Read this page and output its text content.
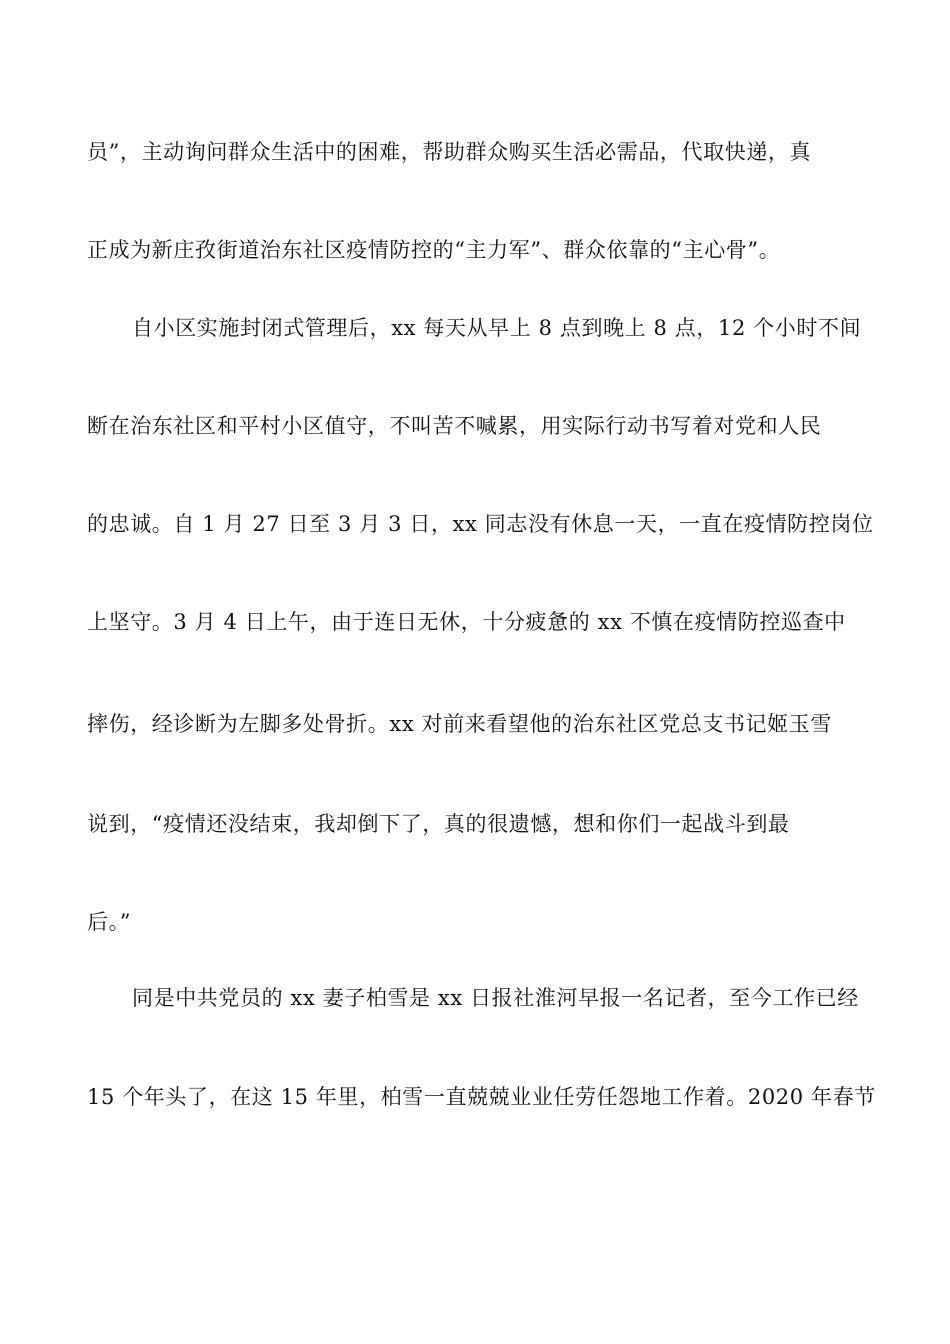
员”，主动询问群众生活中的困难，帮助群众购买生活必需品，代取快递，真
正成为新庄孜街道治东社区疫情防控的“主力军”、群众依靠的“主心骨”。
自小区实施封闭式管理后，xx 每天从早上 8 点到晚上 8 点，12 个小时不间
断在治东社区和平村小区值守，不叫苦不喊累，用实际行动书写着对党和人民
的忠诚。自 1 月 27 日至 3 月 3 日，xx 同志没有休息一天，一直在疫情防控岗位
上坚守。3 月 4 日上午，由于连日无休，十分疲惫的 xx 不慎在疫情防控巡查中
摔伤，经诊断为左脚多处骨折。xx 对前来看望他的治东社区党总支书记姬玉雪
说到，“疫情还没结束，我却倒下了，真的很遗憾，想和你们一起战斗到最
后。”
同是中共党员的 xx 妻子柏雪是 xx 日报社淮河早报一名记者，至今工作已经
15 个年头了，在这 15 年里，柏雪一直兢兢业业任劳任怨地工作着。2020 年春节
